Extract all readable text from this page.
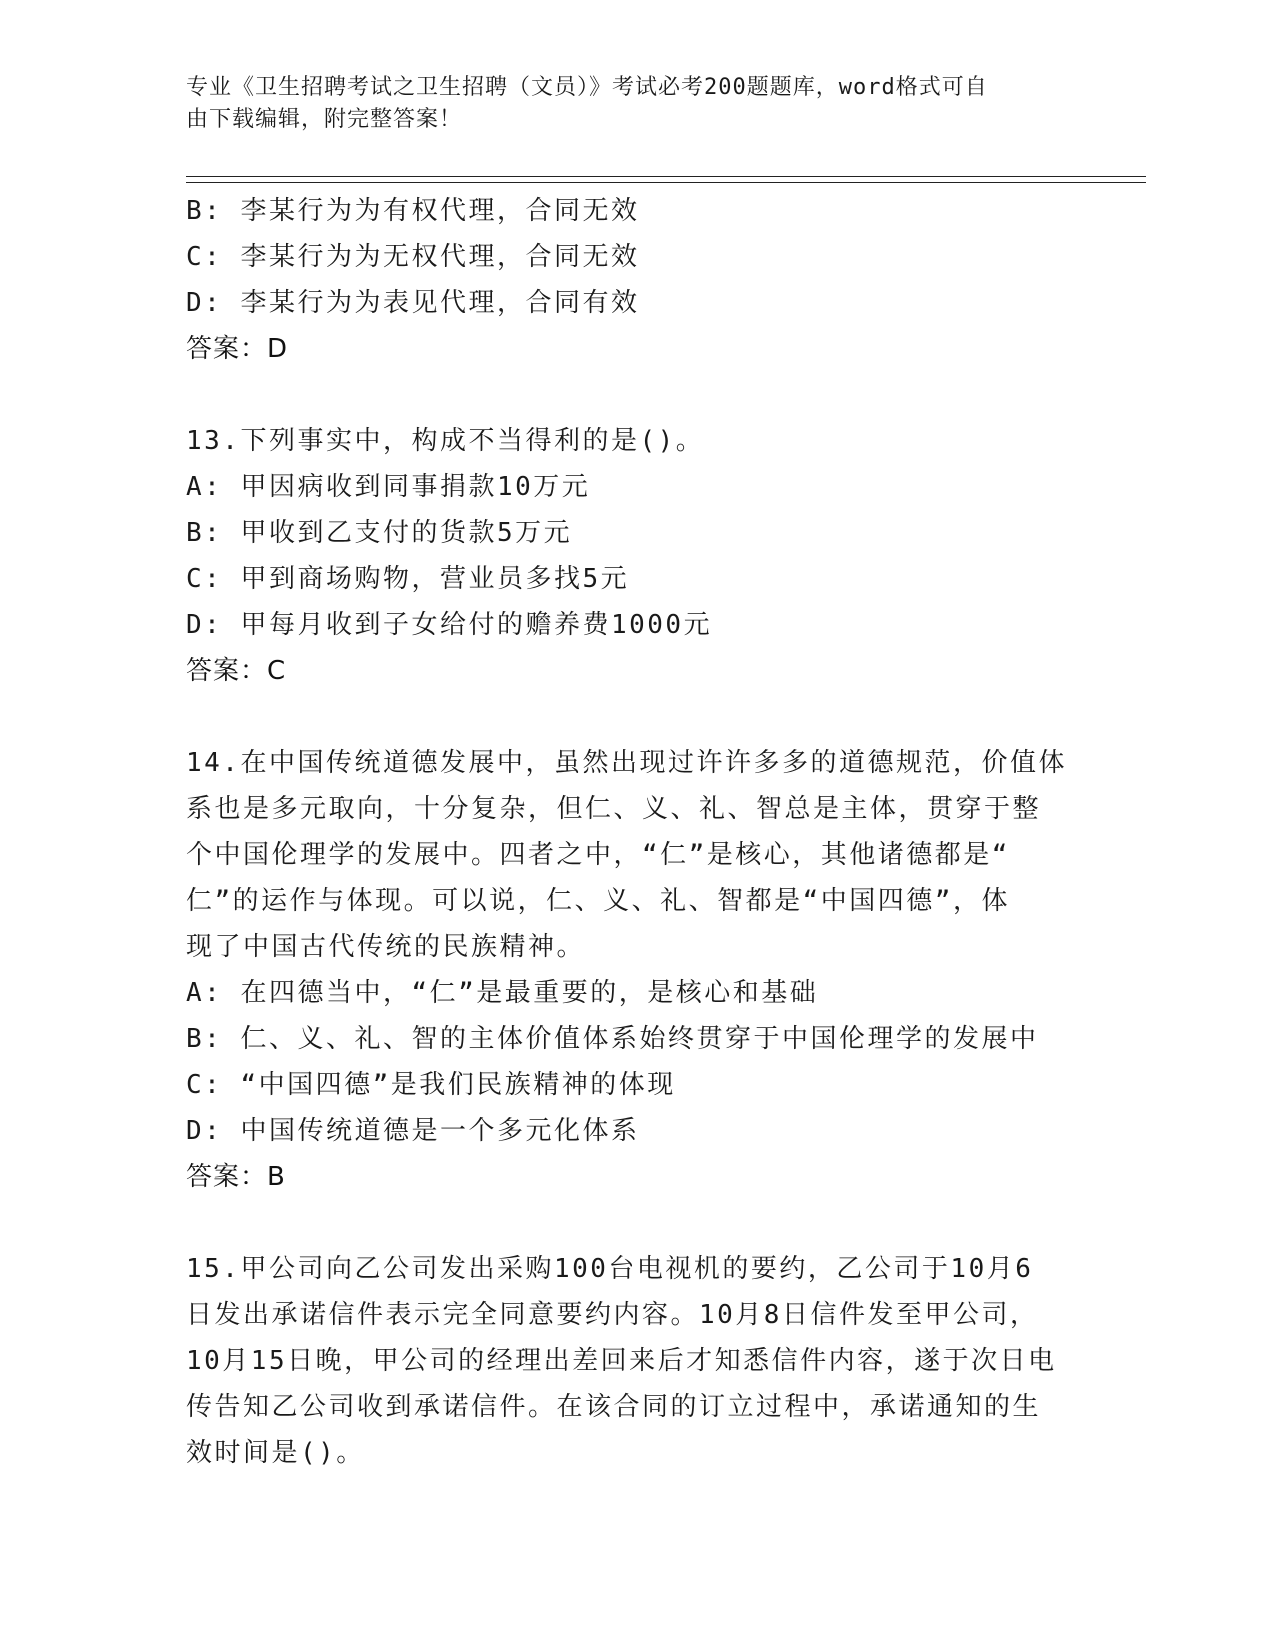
专业《卫生招聘考试之卫生招聘（文员）》考试必考200题题库，word格式可自
由下载编辑，附完整答案！
B: 李某行为为有权代理，合同无效
C: 李某行为为无权代理，合同无效
D: 李某行为为表见代理，合同有效
答案：D
13.下列事实中，构成不当得利的是()。
A: 甲因病收到同事捐款10万元
B: 甲收到乙支付的货款5万元
C: 甲到商场购物，营业员多找5元
D: 甲每月收到子女给付的赡养费1000元
答案：C
14.在中国传统道德发展中，虽然出现过许许多多的道德规范，价值体
系也是多元取向，十分复杂，但仁、义、礼、智总是主体，贯穿于整
个中国伦理学的发展中。四者之中，“仁”是核心，其他诸德都是“
仁”的运作与体现。可以说，仁、义、礼、智都是“中国四德”，体
现了中国古代传统的民族精神。
A: 在四德当中，“仁”是最重要的，是核心和基础
B: 仁、义、礼、智的主体价值体系始终贯穿于中国伦理学的发展中
C: “中国四德”是我们民族精神的体现
D: 中国传统道德是一个多元化体系
答案：B
15.甲公司向乙公司发出采购100台电视机的要约，乙公司于10月6
日发出承诺信件表示完全同意要约内容。10月8日信件发至甲公司，
10月15日晚，甲公司的经理出差回来后才知悉信件内容，遂于次日电
传告知乙公司收到承诺信件。在该合同的订立过程中，承诺通知的生
效时间是()。
